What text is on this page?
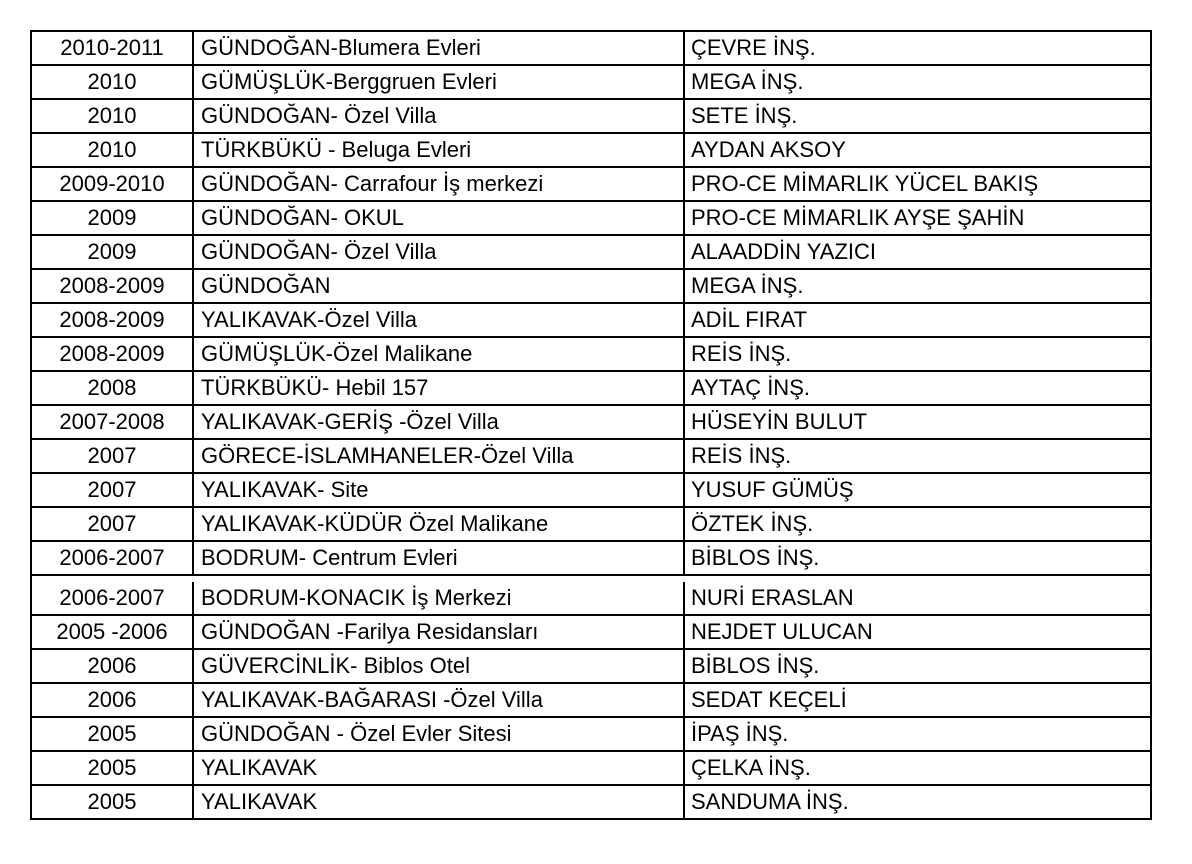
2010-2011	GÜNDOĞAN-Blumera Evleri	ÇEVRE İNŞ.
2010	GÜMÜŞLÜK-Berggruen Evleri	MEGA İNŞ.
2010	GÜNDOĞAN- Özel Villa	SETE İNŞ.
2010	TÜRKBÜKÜ - Beluga Evleri	AYDAN AKSOY
2009-2010	GÜNDOĞAN- Carrafour İş merkezi	PRO-CE MİMARLIK YÜCEL BAKIŞ
2009	GÜNDOĞAN- OKUL	PRO-CE MİMARLIK AYŞE ŞAHİN
2009	GÜNDOĞAN- Özel Villa	ALAADDİN YAZICI
2008-2009	GÜNDOĞAN	MEGA İNŞ.
2008-2009	YALIKAVAK-Özel Villa	ADİL FIRAT
2008-2009	GÜMÜŞLÜK-Özel Malikane	REİS İNŞ.
2008	TÜRKBÜKÜ- Hebil 157	AYTAÇ İNŞ.
2007-2008	YALIKAVAK-GERİŞ -Özel Villa	HÜSEYİN BULUT
2007	GÖRECE-İSLAMHANELER-Özel Villa	REİS İNŞ.
2007	YALIKAVAK- Site	YUSUF GÜMÜŞ
2007	YALIKAVAK-KÜDÜR Özel Malikane	ÖZTEK İNŞ.
2006-2007	BODRUM- Centrum Evleri	BİBLOS İNŞ.
2006-2007	BODRUM-KONACIK İş Merkezi	NURİ ERASLAN
2005 -2006	GÜNDOĞAN -Farilya Residansları	NEJDET ULUCAN
2006	GÜVERCİNLİK- Biblos Otel	BİBLOS İNŞ.
2006	YALIKAVAK-BAĞARASI -Özel Villa	SEDAT KEÇELİ
2005	GÜNDOĞAN - Özel Evler Sitesi	İPAŞ İNŞ.
2005	YALIKAVAK	ÇELKA İNŞ.
2005	YALIKAVAK	SANDUMA İNŞ.
